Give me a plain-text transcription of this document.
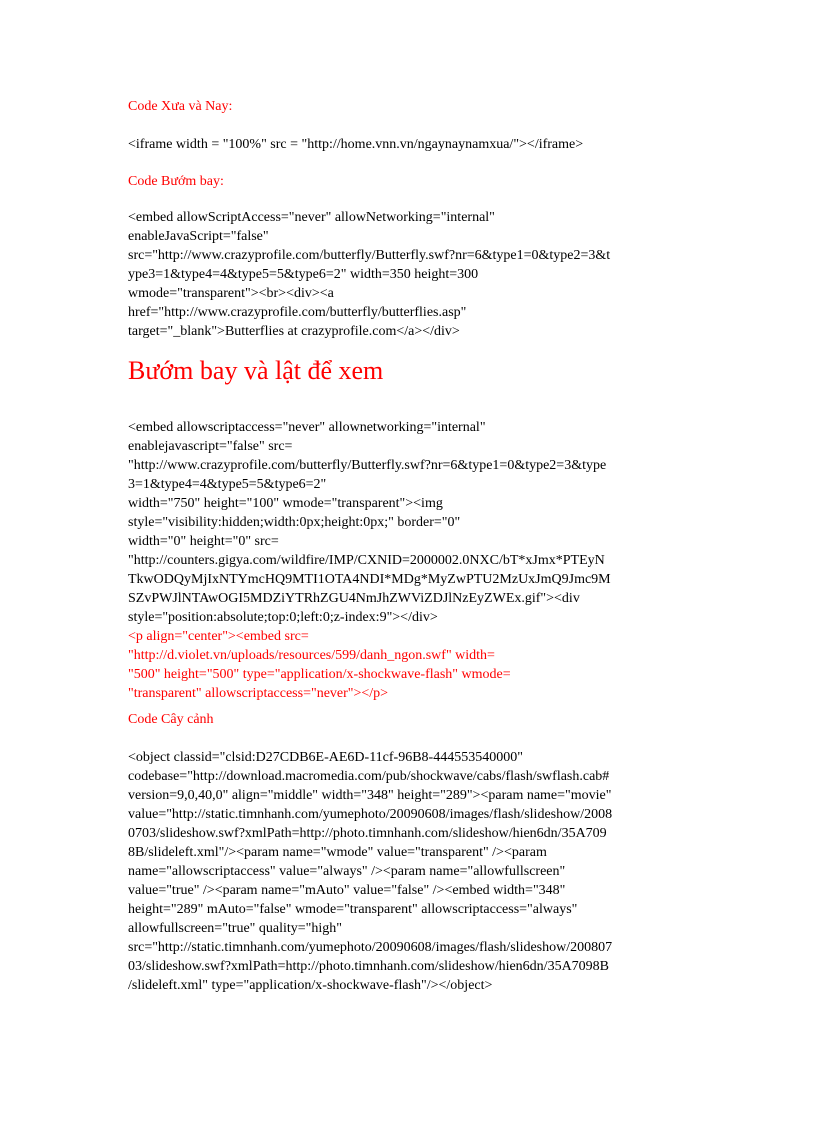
Code Xưa và Nay:
<iframe width = "100%" src = "http://home.vnn.vn/ngaynaynamxua/"></iframe>
Code Bướm bay:
<embed allowScriptAccess="never" allowNetworking="internal"
enableJavaScript="false"
src="http://www.crazyprofile.com/butterfly/Butterfly.swf?nr=6&type1=0&type2=3&t
ype3=1&type4=4&type5=5&type6=2" width=350 height=300
wmode="transparent"><br><div><a
href="http://www.crazyprofile.com/butterfly/butterflies.asp"
target="_blank">Butterflies at crazyprofile.com</a></div>
Bướm bay và lật để xem
<embed allowscriptaccess="never" allownetworking="internal"
enablejavascript="false" src=
"http://www.crazyprofile.com/butterfly/Butterfly.swf?nr=6&type1=0&type2=3&type
3=1&type4=4&type5=5&type6=2"
width="750" height="100" wmode="transparent"><img
style="visibility:hidden;width:0px;height:0px;" border="0"
width="0" height="0" src=
"http://counters.gigya.com/wildfire/IMP/CXNID=2000002.0NXC/bT*xJmx*PTEyN
TkwODQyMjIxNTYmcHQ9MTI1OTA4NDI*MDg*MyZwPTU2MzUxJmQ9Jmc9M
SZvPWJlNTAwOGI5MDZiYTRhZGU4NmJhZWViZDJlNzEyZWEx.gif"><div
style="position:absolute;top:0;left:0;z-index:9"></div>
<p align="center"><embed src=
"http://d.violet.vn/uploads/resources/599/danh_ngon.swf" width=
"500" height="500" type="application/x-shockwave-flash" wmode=
"transparent" allowscriptaccess="never"></p>
Code Cây cảnh
<object classid="clsid:D27CDB6E-AE6D-11cf-96B8-444553540000"
codebase="http://download.macromedia.com/pub/shockwave/cabs/flash/swflash.cab#
version=9,0,40,0" align="middle" width="348" height="289"><param name="movie"
value="http://static.timnhanh.com/yumephoto/20090608/images/flash/slideshow/2008
0703/slideshow.swf?xmlPath=http://photo.timnhanh.com/slideshow/hien6dn/35A709
8B/slideleft.xml"/><param name="wmode" value="transparent" /><param
name="allowscriptaccess" value="always" /><param name="allowfullscreen"
value="true" /><param name="mAuto" value="false" /><embed width="348"
height="289" mAuto="false" wmode="transparent" allowscriptaccess="always"
allowfullscreen="true" quality="high"
src="http://static.timnhanh.com/yumephoto/20090608/images/flash/slideshow/200807
03/slideshow.swf?xmlPath=http://photo.timnhanh.com/slideshow/hien6dn/35A7098B
/slideleft.xml" type="application/x-shockwave-flash"/></object>
